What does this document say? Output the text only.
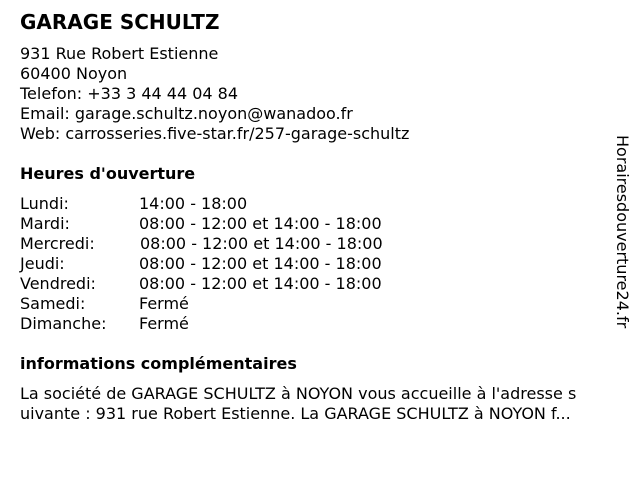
GARAGE SCHULTZ
931 Rue Robert Estienne
60400 Noyon
Telefon: +33 3 44 44 04 84
Email: garage.schultz.noyon@wanadoo.fr
Web: carrosseries.five-star.fr/257-garage-schultz
Heures d'ouverture
Lundi:	14:00 - 18:00
Mardi:	08:00 - 12:00 et 14:00 - 18:00
Mercredi:	08:00 - 12:00 et 14:00 - 18:00
Jeudi:	08:00 - 12:00 et 14:00 - 18:00
Vendredi:	08:00 - 12:00 et 14:00 - 18:00
Samedi:	Fermé
Dimanche: Fermé
informations complémentaires
La société de GARAGE SCHULTZ à NOYON vous accueille à l'adresse s
uivante : 931 rue Robert Estienne. La GARAGE SCHULTZ à NOYON f...
Horairesdouverture24.fr
